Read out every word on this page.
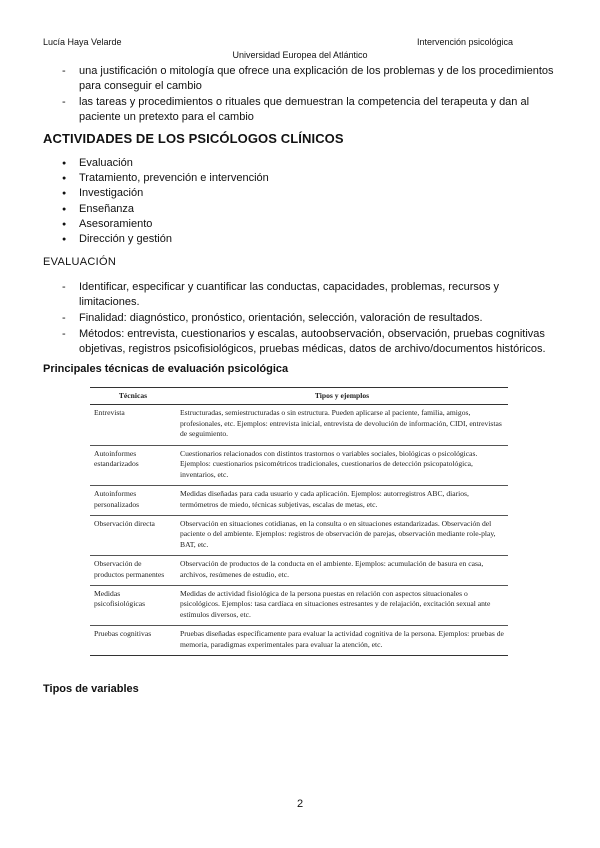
Lucía Haya Velarde	Intervención psicológica
Universidad Europea del Atlántico
- una justificación o mitología que ofrece una explicación de los problemas y de los procedimientos para conseguir el cambio
- las tareas y procedimientos o rituales que demuestran la competencia del terapeuta y dan al paciente un pretexto para el cambio
ACTIVIDADES DE LOS PSICÓLOGOS CLÍNICOS
● Evaluación
● Tratamiento, prevención e intervención
● Investigación
● Enseñanza
● Asesoramiento
● Dirección y gestión
EVALUACIÓN
- Identificar, especificar y cuantificar las conductas, capacidades, problemas, recursos y limitaciones.
- Finalidad: diagnóstico, pronóstico, orientación, selección, valoración de resultados.
- Métodos: entrevista, cuestionarios y escalas, autoobservación, observación, pruebas cognitivas objetivas, registros psicofisiológicos, pruebas médicas, datos de archivo/documentos históricos.
Principales técnicas de evaluación psicológica
Técnicas	Tipos y ejemplos
Entrevista	Estructuradas, semiestructuradas o sin estructura. Pueden aplicarse al paciente, familia, amigos, profesionales, etc. Ejemplos: entrevista inicial, entrevista de devolución de información, CIDI, entrevistas de seguimiento.
Autoinformes estandarizados	Cuestionarios relacionados con distintos trastornos o variables sociales, biológicas o psicológicas. Ejemplos: cuestionarios psicométricos tradicionales, cuestionarios de detección psicopatológica, inventarios, etc.
Autoinformes personalizados	Medidas diseñadas para cada usuario y cada aplicación. Ejemplos: autorregistros ABC, diarios, termómetros de miedo, técnicas subjetivas, escalas de metas, etc.
Observación directa	Observación en situaciones cotidianas, en la consulta o en situaciones estandarizadas. Observación del paciente o del ambiente. Ejemplos: registros de observación de parejas, observación mediante role-play, BAT, etc.
Observación de productos permanentes	Observación de productos de la conducta en el ambiente. Ejemplos: acumulación de basura en casa, archivos, resúmenes de estudio, etc.
Medidas psicofisiológicas	Medidas de actividad fisiológica de la persona puestas en relación con aspectos situacionales o psicológicos. Ejemplos: tasa cardíaca en situaciones estresantes y de relajación, excitación sexual ante estímulos diversos, etc.
Pruebas cognitivas	Pruebas diseñadas específicamente para evaluar la actividad cognitiva de la persona. Ejemplos: pruebas de memoria, paradigmas experimentales para evaluar la atención, etc.
Tipos de variables
2
